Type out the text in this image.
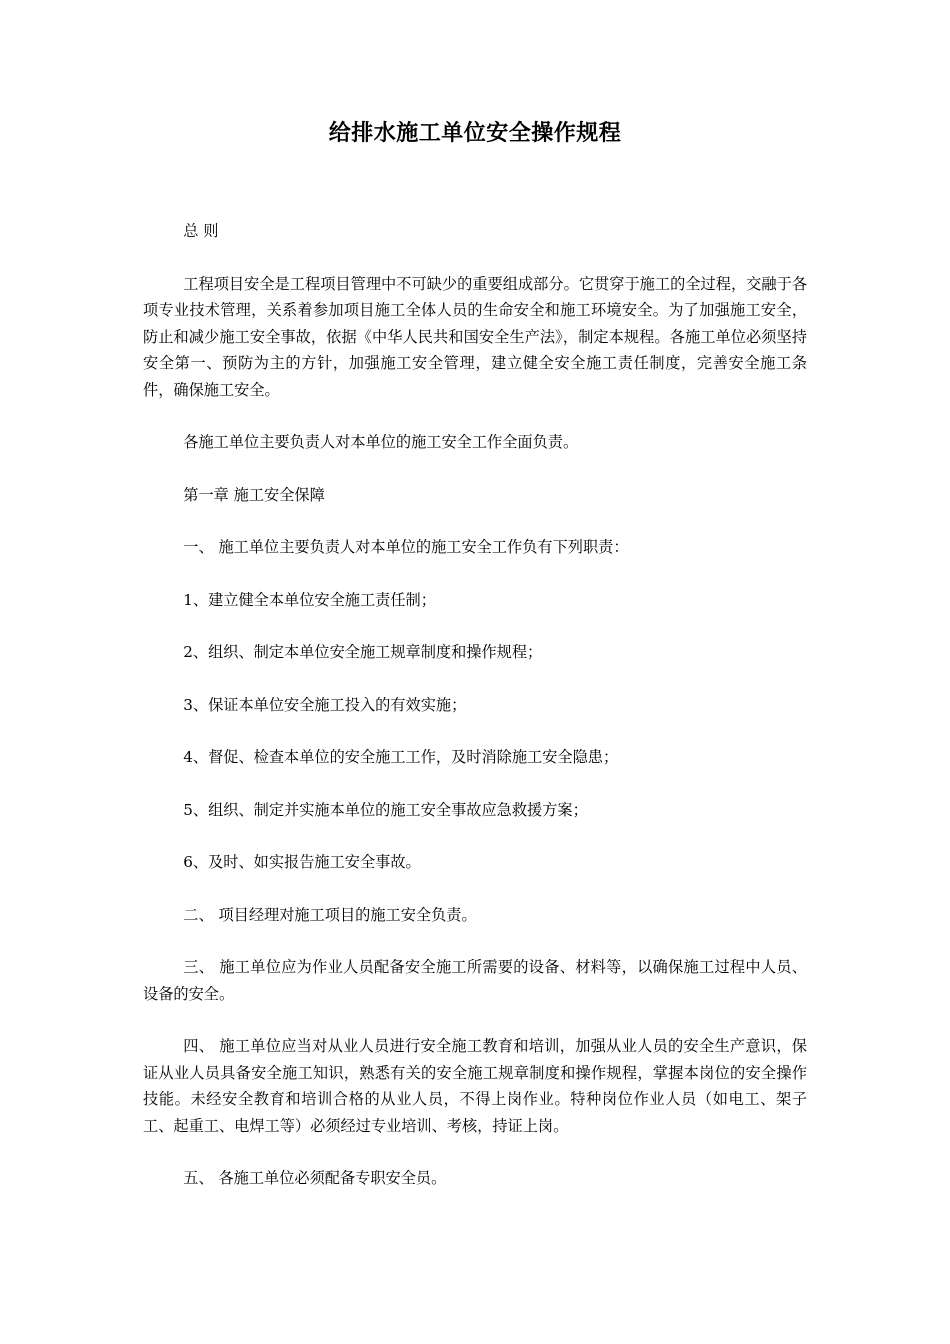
给排水施工单位安全操作规程

总 则

工程项目安全是工程项目管理中不可缺少的重要组成部分。它贯穿于施工的全过程，交融于各项专业技术管理，关系着参加项目施工全体人员的生命安全和施工环境安全。为了加强施工安全，防止和减少施工安全事故，依据《中华人民共和国安全生产法》，制定本规程。各施工单位必须坚持安全第一、预防为主的方针，加强施工安全管理，建立健全安全施工责任制度，完善安全施工条件，确保施工安全。

各施工单位主要负责人对本单位的施工安全工作全面负责。

第一章 施工安全保障

一、 施工单位主要负责人对本单位的施工安全工作负有下列职责：

1、建立健全本单位安全施工责任制；

2、组织、制定本单位安全施工规章制度和操作规程；

3、保证本单位安全施工投入的有效实施；

4、督促、检查本单位的安全施工工作，及时消除施工安全隐患；

5、组织、制定并实施本单位的施工安全事故应急救援方案；

6、及时、如实报告施工安全事故。

二、 项目经理对施工项目的施工安全负责。

三、 施工单位应为作业人员配备安全施工所需要的设备、材料等，以确保施工过程中人员、设备的安全。

四、 施工单位应当对从业人员进行安全施工教育和培训，加强从业人员的安全生产意识，保证从业人员具备安全施工知识，熟悉有关的安全施工规章制度和操作规程，掌握本岗位的安全操作技能。未经安全教育和培训合格的从业人员，不得上岗作业。特种岗位作业人员（如电工、架子工、起重工、电焊工等）必须经过专业培训、考核，持证上岗。

五、 各施工单位必须配备专职安全员。
